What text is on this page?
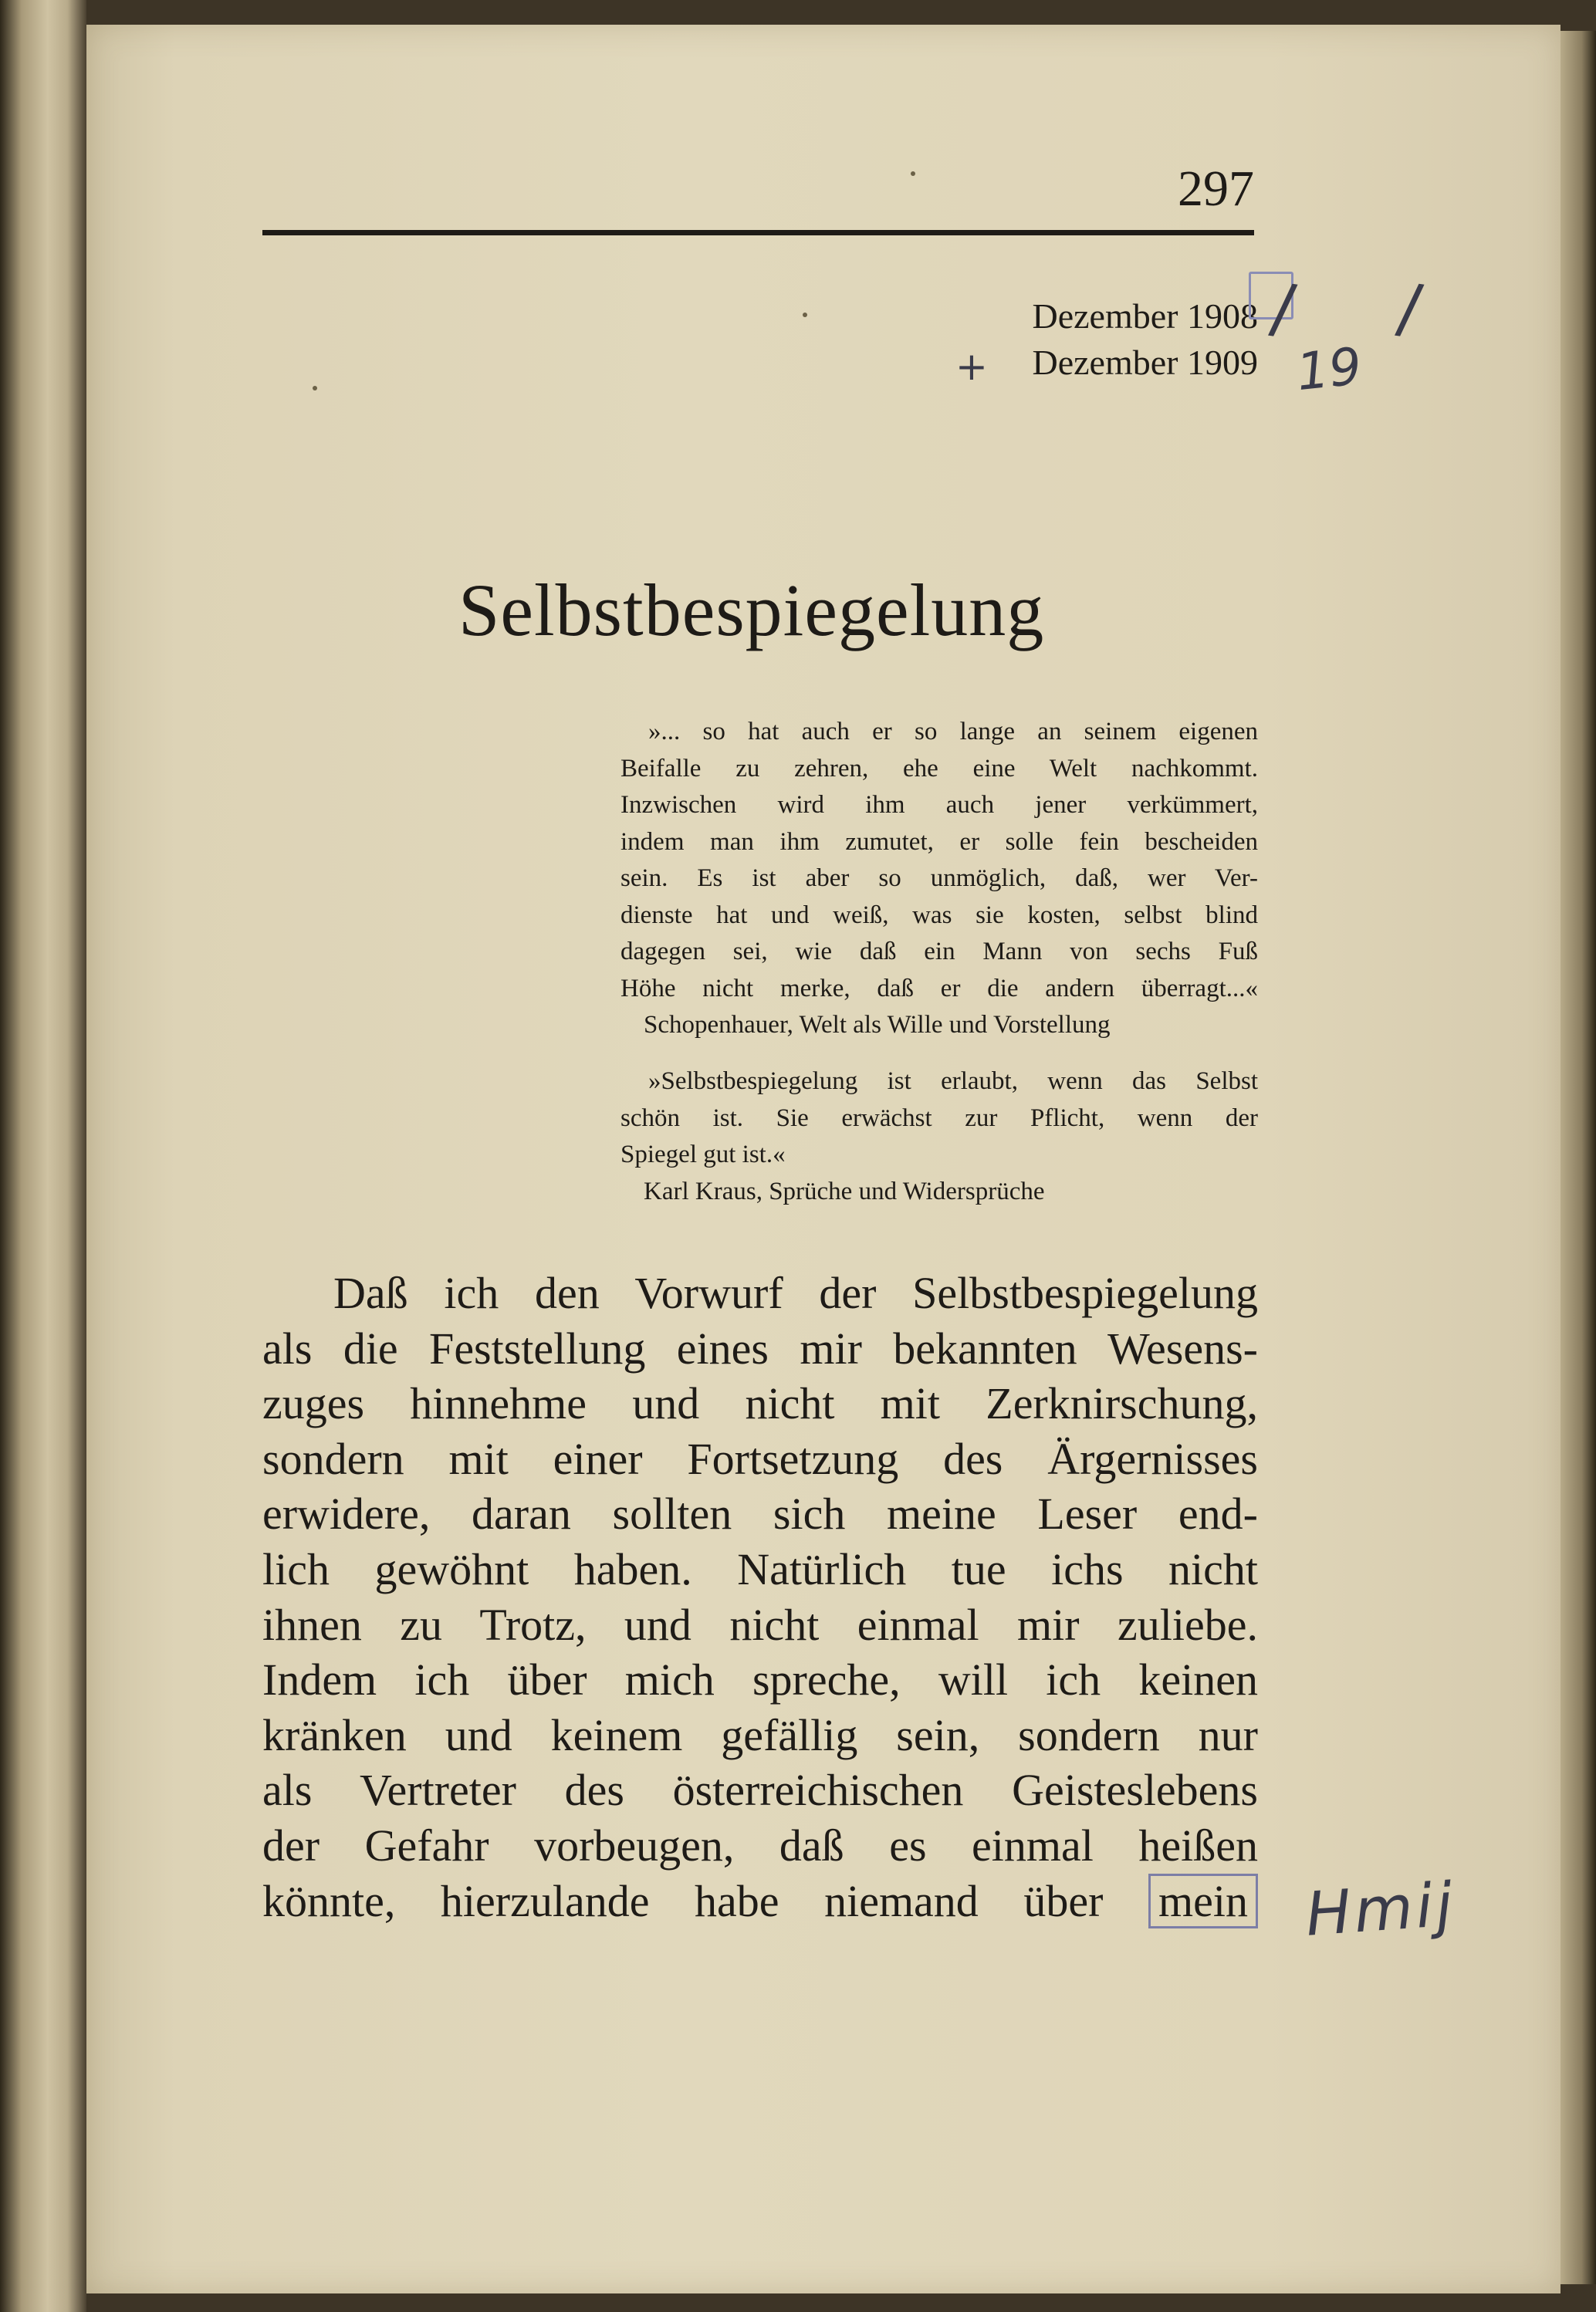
297
Dezember 1908
Dezember 1909
/ /
+	19
Selbstbespiegelung
»... so hat auch er so lange an seinem eigenen
Beifalle zu zehren, ehe eine Welt nachkommt.
Inzwischen wird ihm auch jener verkümmert,
indem man ihm zumutet, er solle fein bescheiden
sein. Es ist aber so unmöglich, daß, wer Ver-
dienste hat und weiß, was sie kosten, selbst blind
dagegen sei, wie daß ein Mann von sechs Fuß
Höhe nicht merke, daß er die andern überragt...«
Schopenhauer, Welt als Wille und Vorstellung
»Selbstbespiegelung ist erlaubt, wenn das Selbst
schön ist. Sie erwächst zur Pflicht, wenn der
Spiegel gut ist.«
Karl Kraus, Sprüche und Widersprüche
Daß ich den Vorwurf der Selbstbespiegelung
als die Feststellung eines mir bekannten Wesens-
zuges hinnehme und nicht mit Zerknirschung,
sondern mit einer Fortsetzung des Ärgernisses
erwidere, daran sollten sich meine Leser end-
lich gewöhnt haben. Natürlich tue ichs nicht
ihnen zu Trotz, und nicht einmal mir zuliebe.
Indem ich über mich spreche, will ich keinen
kränken und keinem gefällig sein, sondern nur
als Vertreter des österreichischen Geisteslebens
der Gefahr vorbeugen, daß es einmal heißen
könnte, hierzulande habe niemand über mein Hmij
